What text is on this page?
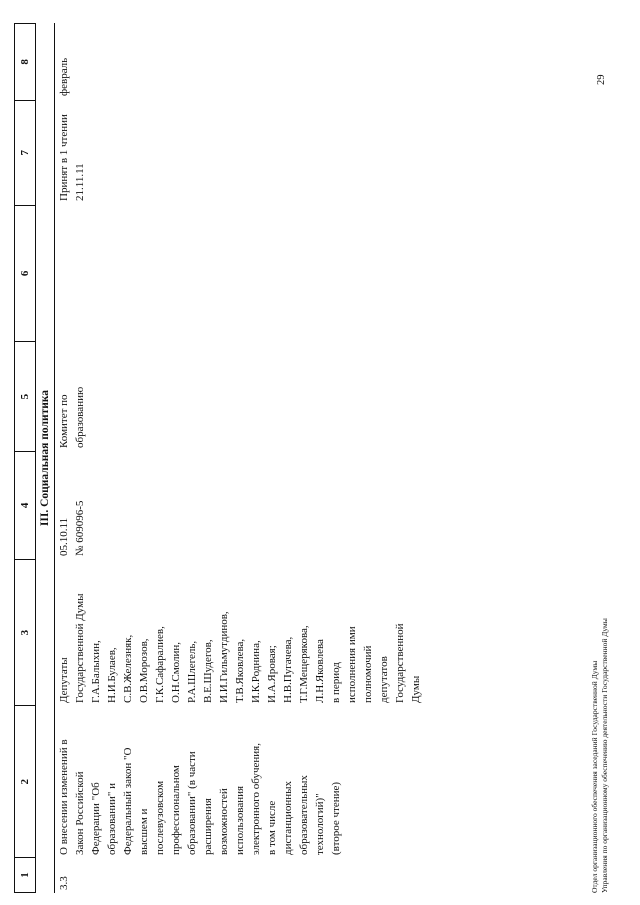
1
2
3
4
5
6
7
8
III. Социальная политика
3.3
О внесении изменений в Закон Российской Федерации "Об образовании" и Федеральный закон "О высшем и послевузовском профессиональном образовании" (в части расширения возможностей использования электронного обучения, в том числе дистанционных образовательных технологий)" (второе чтение)
Депутаты Государственной Думы Г.А.Балыхин, Н.И.Булаев, С.В.Железняк, О.В.Морозов, Г.К.Сафаралиев, О.Н.Смолин, Р.А.Шлегель, В.Е.Шудегов, И.И.Гильмутдинов, Т.В.Яковлева, И.К.Роднина, И.А.Яровая; Н.В.Пугачева, Т.Г.Мещерякова, Л.Н.Яковлева в период исполнения ими полномочий депутатов Государственной Думы
05.10.11 № 609096-5
Комитет по образованию
Принят в 1 чтении 21.11.11
февраль
Отдел организационного обеспечения заседаний Государственной Думы Управления по организационному обеспечению деятельности Государственной Думы
29
